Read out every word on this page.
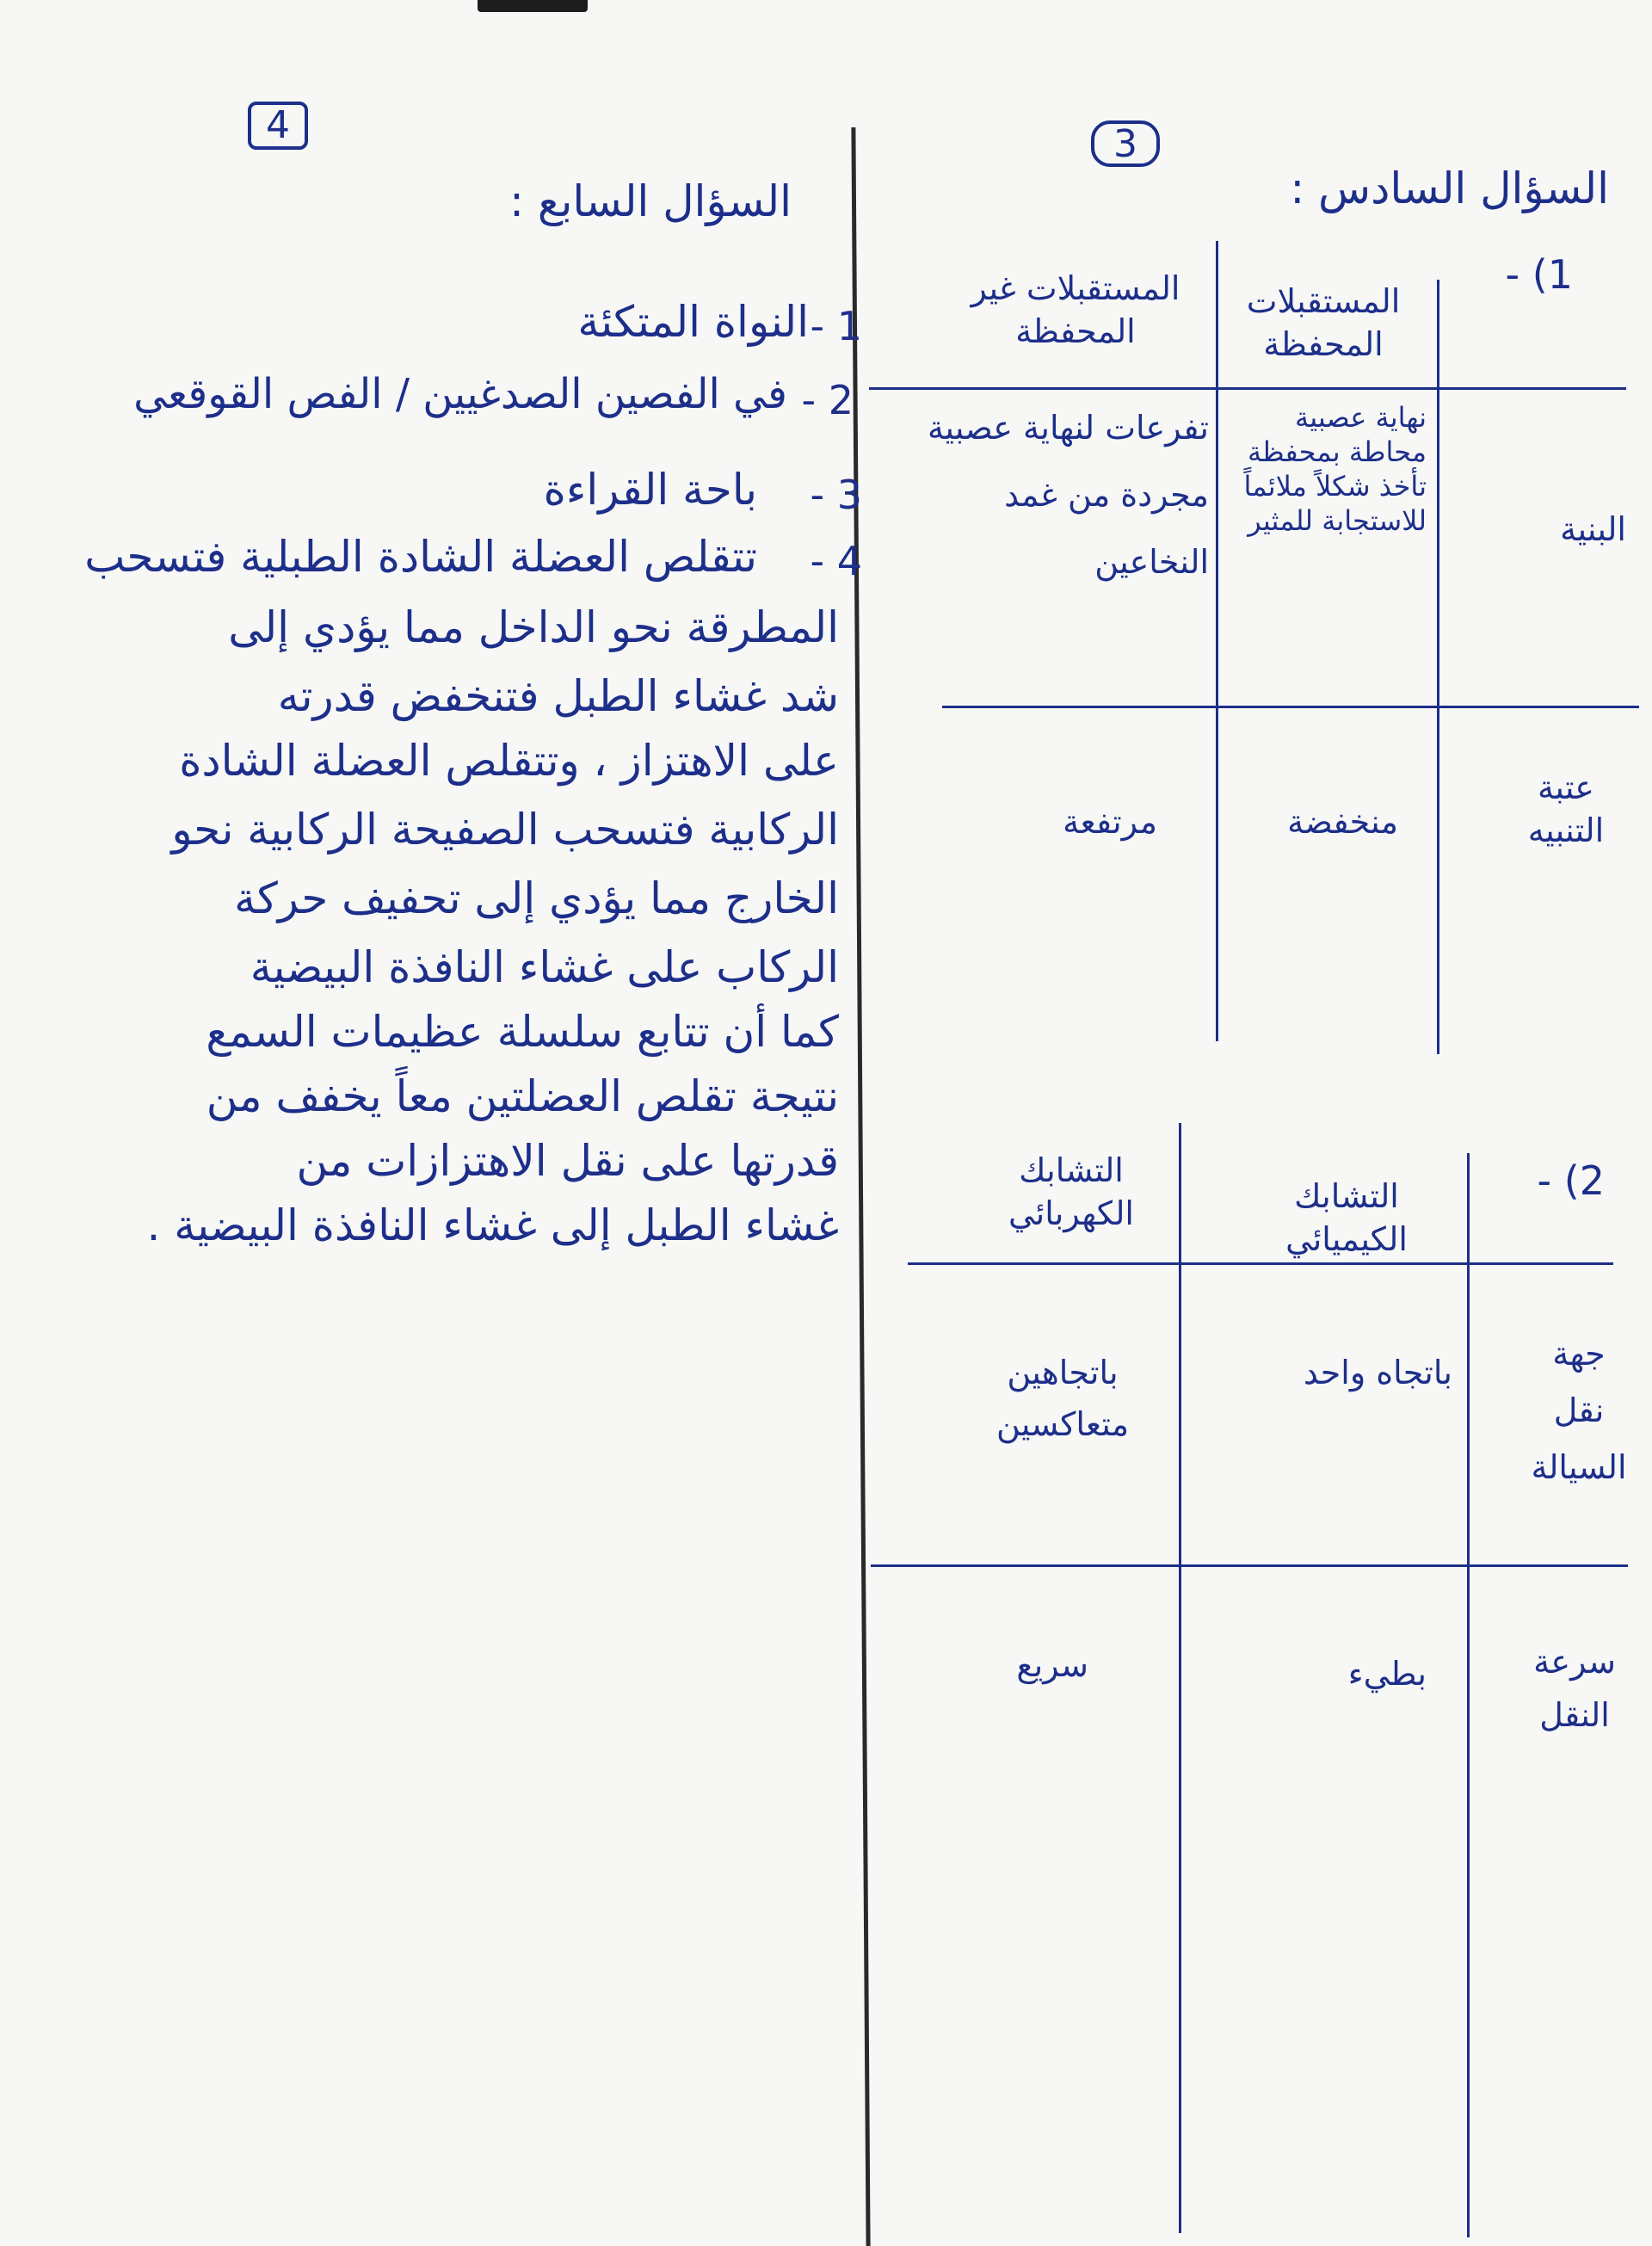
4	3
السؤال السابع :
النواة المتكئة 1 -
في الفصين الصدغيين / الفص القوقعي 2 -
باحة القراءة 3 -
تتقلص العضلة الشادة الطبلية فتسحب 4 -
المطرقة نحو الداخل مما يؤدي إلى
شد غشاء الطبل فتنخفض قدرته
على الاهتزاز ، وتتقلص العضلة الشادة
الركابية فتسحب الصفيحة الركابية نحو
الخارج مما يؤدي إلى تحفيف حركة
الركاب على غشاء النافذة البيضية
كما أن تتابع سلسلة عظيمات السمع
نتيجة تقلص العضلتين معاً يخفف من
قدرتها على نقل الاهتزازات من
غشاء الطبل إلى غشاء النافذة البيضية .
السؤال السادس :
1) -
المستقبلات المحفظة
المستقبلات غير المحفظة
البنية
نهاية عصبية محاطة بمحفظة تأخذ شكلاً ملائماً للاستجابة للمثير
تفرعات لنهاية عصبية مجردة من غمد النخاعين
عتبة التنبيه
منخفضة
مرتفعة
2) -
التشابك الكيميائي
التشابك الكهربائي
جهة نقل السيالة
باتجاه واحد
باتجاهين متعاكسين
سرعة النقل
بطيء
سريع
